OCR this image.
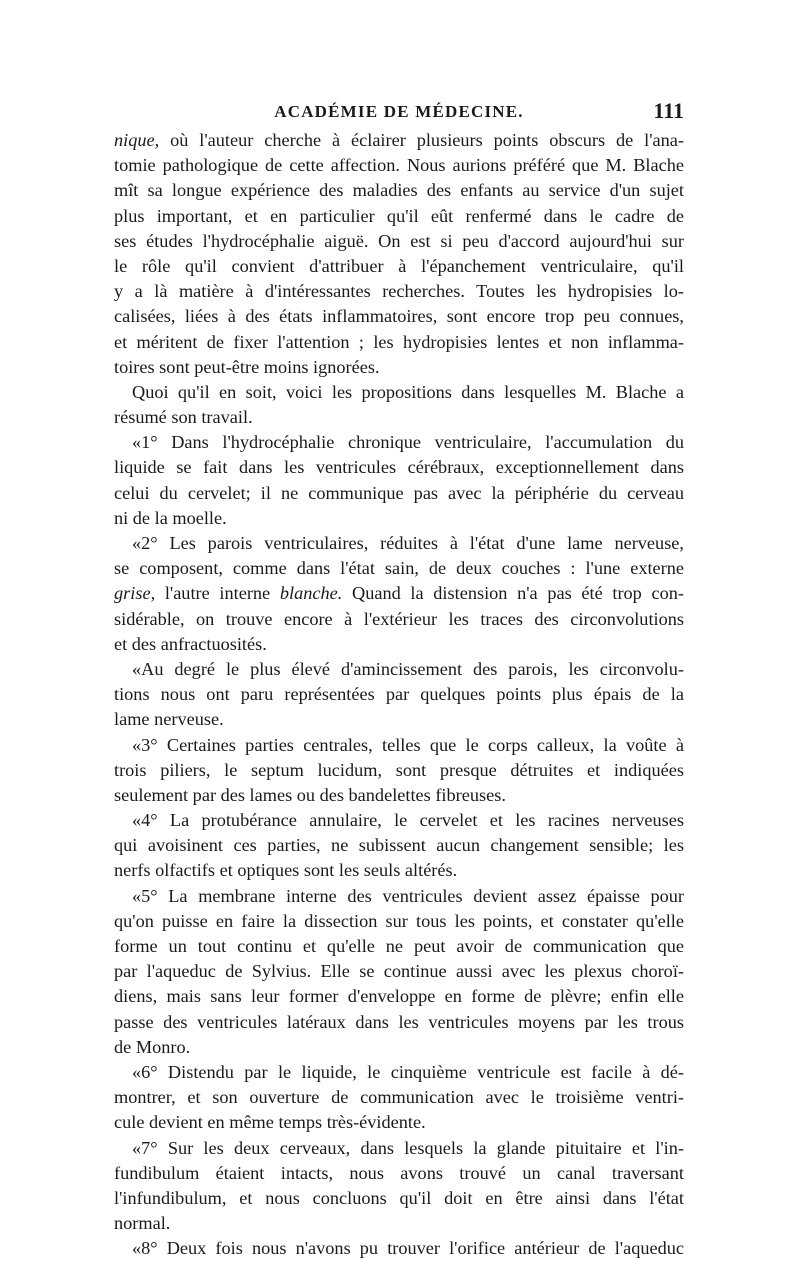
ACADÉMIE DE MÉDECINE.	111
nique, où l'auteur cherche à éclairer plusieurs points obscurs de l'ana-
tomie pathologique de cette affection. Nous aurions préféré que M. Blache
mît sa longue expérience des maladies des enfants au service d'un sujet
plus important, et en particulier qu'il eût renfermé dans le cadre de
ses études l'hydrocéphalie aiguë. On est si peu d'accord aujourd'hui sur
le rôle qu'il convient d'attribuer à l'épanchement ventriculaire, qu'il
y a là matière à d'intéressantes recherches. Toutes les hydropisies lo-
calisées, liées à des états inflammatoires, sont encore trop peu connues,
et méritent de fixer l'attention ; les hydropisies lentes et non inflamma-
toires sont peut-être moins ignorées.
Quoi qu'il en soit, voici les propositions dans lesquelles M. Blache a
résumé son travail.
«1° Dans l'hydrocéphalie chronique ventriculaire, l'accumulation du
liquide se fait dans les ventricules cérébraux, exceptionnellement dans
celui du cervelet; il ne communique pas avec la périphérie du cerveau
ni de la moelle.
«2° Les parois ventriculaires, réduites à l'état d'une lame nerveuse,
se composent, comme dans l'état sain, de deux couches : l'une externe
grise, l'autre interne blanche. Quand la distension n'a pas été trop con-
sidérable, on trouve encore à l'extérieur les traces des circonvolutions
et des anfractuosités.
«Au degré le plus élevé d'amincissement des parois, les circonvolu-
tions nous ont paru représentées par quelques points plus épais de la
lame nerveuse.
«3° Certaines parties centrales, telles que le corps calleux, la voûte à
trois piliers, le septum lucidum, sont presque détruites et indiquées
seulement par des lames ou des bandelettes fibreuses.
«4° La protubérance annulaire, le cervelet et les racines nerveuses
qui avoisinent ces parties, ne subissent aucun changement sensible; les
nerfs olfactifs et optiques sont les seuls altérés.
«5° La membrane interne des ventricules devient assez épaisse pour
qu'on puisse en faire la dissection sur tous les points, et constater qu'elle
forme un tout continu et qu'elle ne peut avoir de communication que
par l'aqueduc de Sylvius. Elle se continue aussi avec les plexus choroï-
diens, mais sans leur former d'enveloppe en forme de plèvre; enfin elle
passe des ventricules latéraux dans les ventricules moyens par les trous
de Monro.
«6° Distendu par le liquide, le cinquième ventricule est facile à dé-
montrer, et son ouverture de communication avec le troisième ventri-
cule devient en même temps très-évidente.
«7° Sur les deux cerveaux, dans lesquels la glande pituitaire et l'in-
fundibulum étaient intacts, nous avons trouvé un canal traversant
l'infundibulum, et nous concluons qu'il doit en être ainsi dans l'état
normal.
«8° Deux fois nous n'avons pu trouver l'orifice antérieur de l'aqueduc
